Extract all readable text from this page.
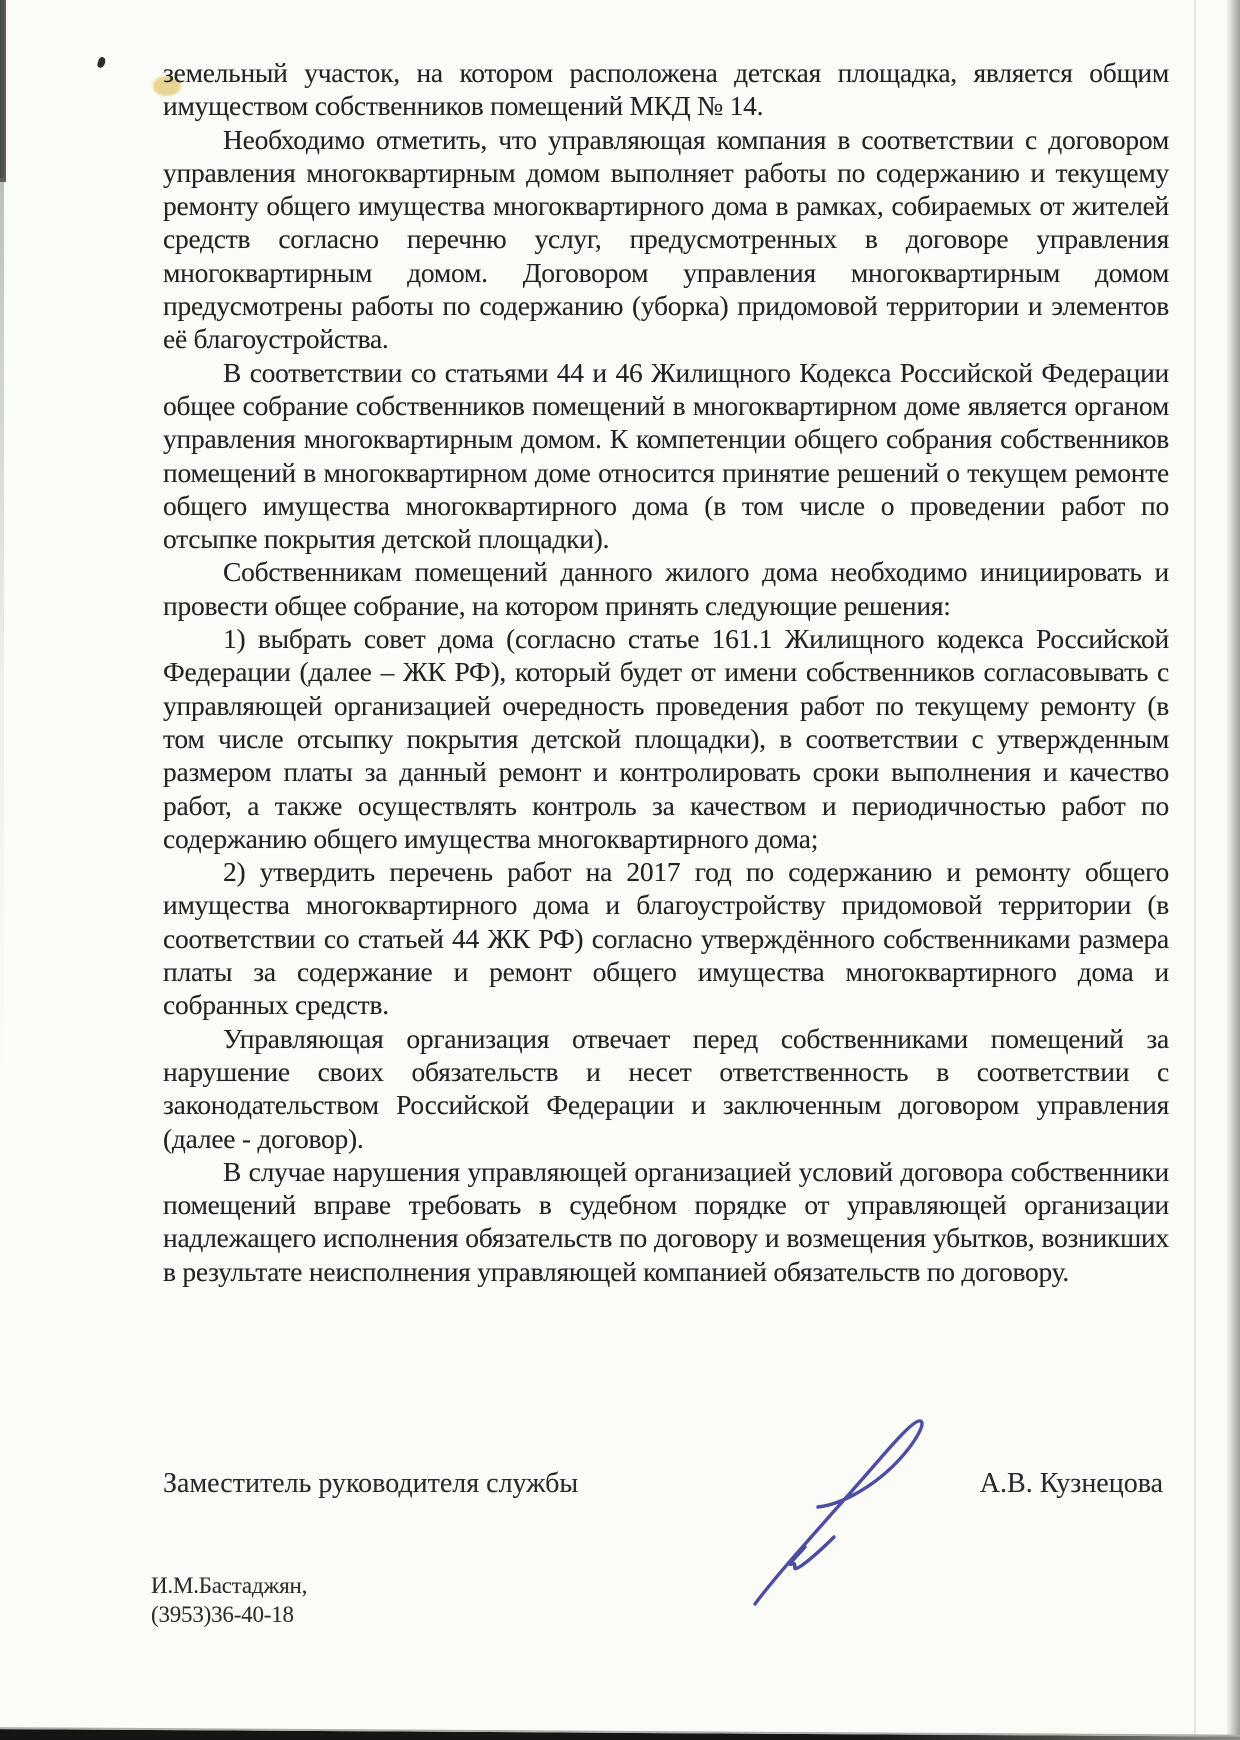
земельный участок, на котором расположена детская площадка, является общим имуществом собственников помещений МКД № 14.

Необходимо отметить, что управляющая компания в соответствии с договором управления многоквартирным домом выполняет работы по содержанию и текущему ремонту общего имущества многоквартирного дома в рамках, собираемых от жителей средств согласно перечню услуг, предусмотренных в договоре управления многоквартирным домом. Договором управления многоквартирным домом предусмотрены работы по содержанию (уборка) придомовой территории и элементов её благоустройства.

В соответствии со статьями 44 и 46 Жилищного Кодекса Российской Федерации общее собрание собственников помещений в многоквартирном доме является органом управления многоквартирным домом. К компетенции общего собрания собственников помещений в многоквартирном доме относится принятие решений о текущем ремонте общего имущества многоквартирного дома (в том числе о проведении работ по отсыпке покрытия детской площадки).

Собственникам помещений данного жилого дома необходимо инициировать и провести общее собрание, на котором принять следующие решения:

1) выбрать совет дома (согласно статье 161.1 Жилищного кодекса Российской Федерации (далее – ЖК РФ), который будет от имени собственников согласовывать с управляющей организацией очередность проведения работ по текущему ремонту (в том числе отсыпку покрытия детской площадки), в соответствии с утвержденным размером платы за данный ремонт и контролировать сроки выполнения и качество работ, а также осуществлять контроль за качеством и периодичностью работ по содержанию общего имущества многоквартирного дома;

2) утвердить перечень работ на 2017 год по содержанию и ремонту общего имущества многоквартирного дома и благоустройству придомовой территории (в соответствии со статьей 44 ЖК РФ) согласно утверждённого собственниками размера платы за содержание и ремонт общего имущества многоквартирного дома и собранных средств.

Управляющая организация отвечает перед собственниками помещений за нарушение своих обязательств и несет ответственность в соответствии с законодательством Российской Федерации и заключенным договором управления (далее - договор).

В случае нарушения управляющей организацией условий договора собственники помещений вправе требовать в судебном порядке от управляющей организации надлежащего исполнения обязательств по договору и возмещения убытков, возникших в результате неисполнения управляющей компанией обязательств по договору.

Заместитель руководителя службы	А.В. Кузнецова
И.М.Бастаджян,
(3953)36-40-18
